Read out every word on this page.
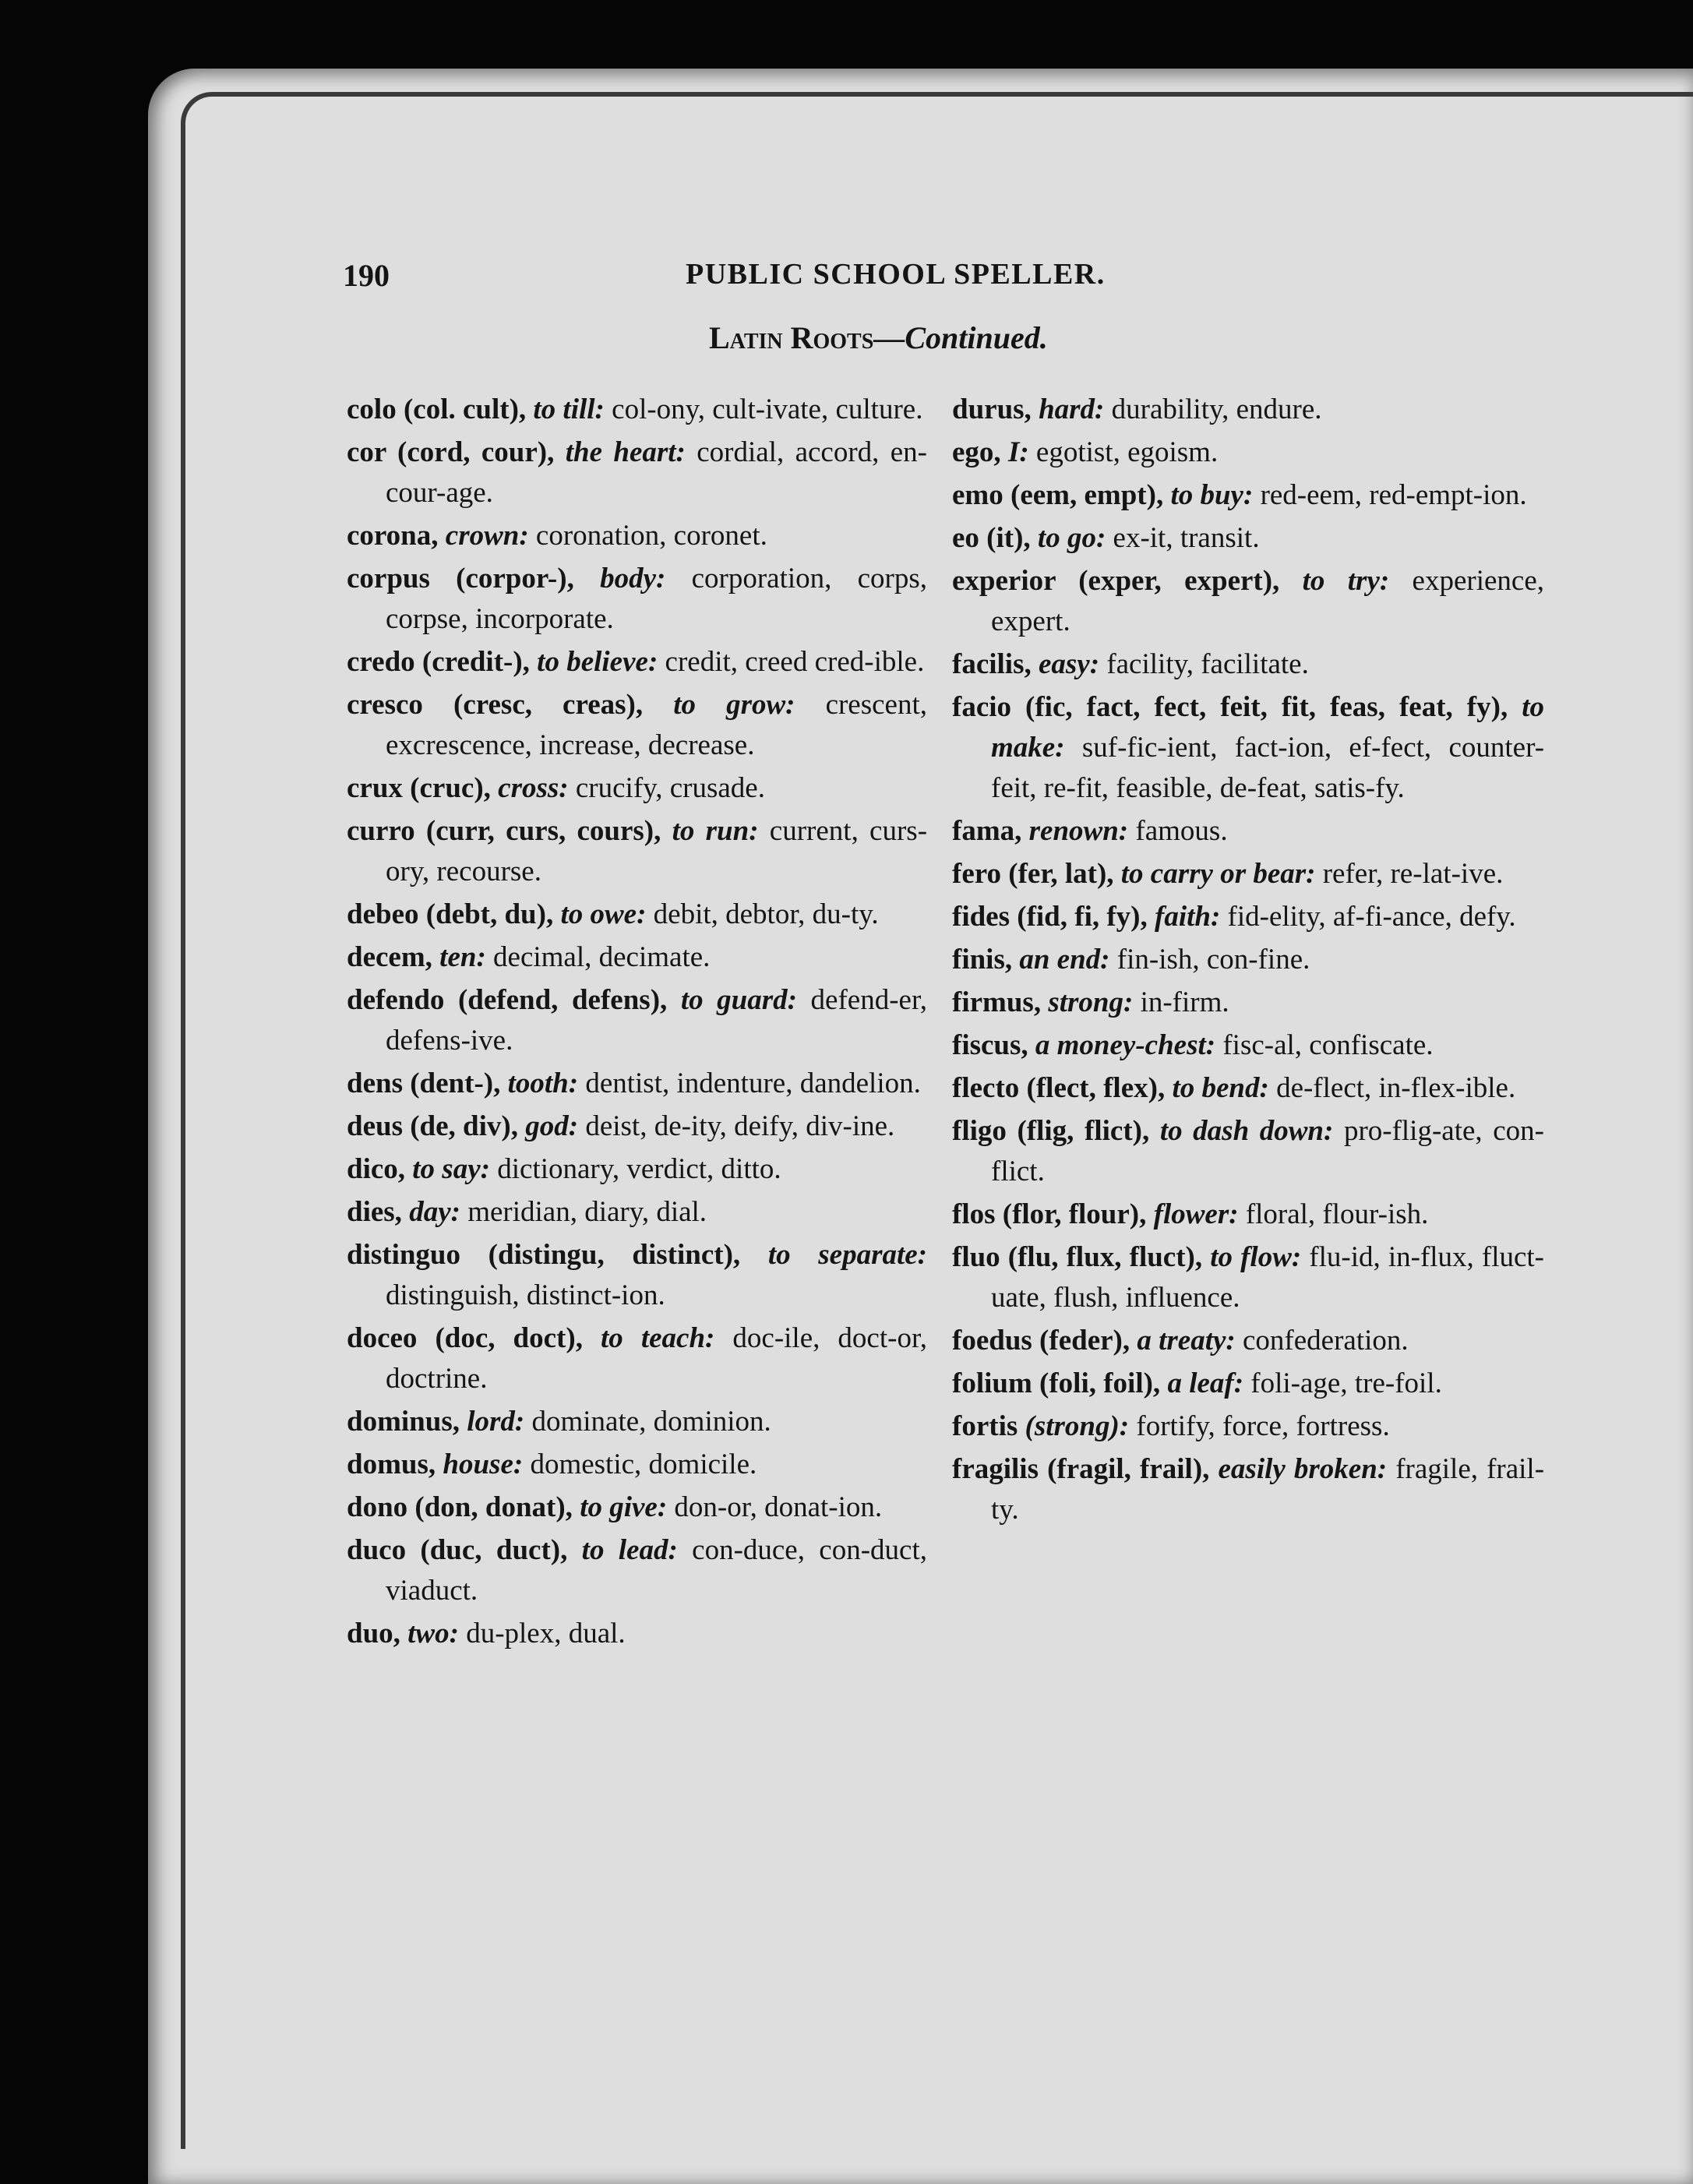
190	PUBLIC SCHOOL SPELLER.
Latin Roots—Continued.

colo (col. cult), to till: col-ony, cult-ivate, culture.

cor (cord, cour), the heart: cordial, accord, en-cour-age.

corona, crown: coronation, coronet.

corpus (corpor-), body: corporation, corps, corpse, incorporate.

credo (credit-), to believe: credit, creed cred-ible.

cresco (cresc, creas), to grow: crescent, excrescence, increase, decrease.

crux (cruc), cross: crucify, crusade.

curro (curr, curs, cours), to run: current, curs-ory, recourse.

debeo (debt, du), to owe: debit, debtor, du-ty.

decem, ten: decimal, decimate.

defendo (defend, defens), to guard: defend-er, defens-ive.

dens (dent-), tooth: dentist, indenture, dandelion.

deus (de, div), god: deist, de-ity, deify, div-ine.

dico, to say: dictionary, verdict, ditto.

dies, day: meridian, diary, dial.

distinguo (distingu, distinct), to separate: distinguish, distinct-ion.

doceo (doc, doct), to teach: doc-ile, doct-or, doctrine.

dominus, lord: dominate, dominion.

domus, house: domestic, domicile.

dono (don, donat), to give: don-or, donat-ion.

duco (duc, duct), to lead: con-duce, con-duct, viaduct.

duo, two: du-plex, dual.

durus, hard: durability, endure.

ego, I: egotist, egoism.

emo (eem, empt), to buy: red-eem, red-empt-ion.

eo (it), to go: ex-it, transit.

experior (exper, expert), to try: experience, expert.

facilis, easy: facility, facilitate.

facio (fic, fact, fect, feit, fit, feas, feat, fy), to make: suf-fic-ient, fact-ion, ef-fect, counter-feit, re-fit, feasible, de-feat, satis-fy.

fama, renown: famous.

fero (fer, lat), to carry or bear: refer, re-lat-ive.

fides (fid, fi, fy), faith: fid-elity, af-fi-ance, defy.

finis, an end: fin-ish, con-fine.

firmus, strong: in-firm.

fiscus, a money-chest: fisc-al, confiscate.

flecto (flect, flex), to bend: de-flect, in-flex-ible.

fligo (flig, flict), to dash down: pro-flig-ate, con-flict.

flos (flor, flour), flower: floral, flour-ish.

fluo (flu, flux, fluct), to flow: flu-id, in-flux, fluct-uate, flush, influence.

foedus (feder), a treaty: confederation.

folium (foli, foil), a leaf: foli-age, tre-foil.

fortis (strong): fortify, force, fortress.

fragilis (fragil, frail), easily broken: fragile, frail-ty.
